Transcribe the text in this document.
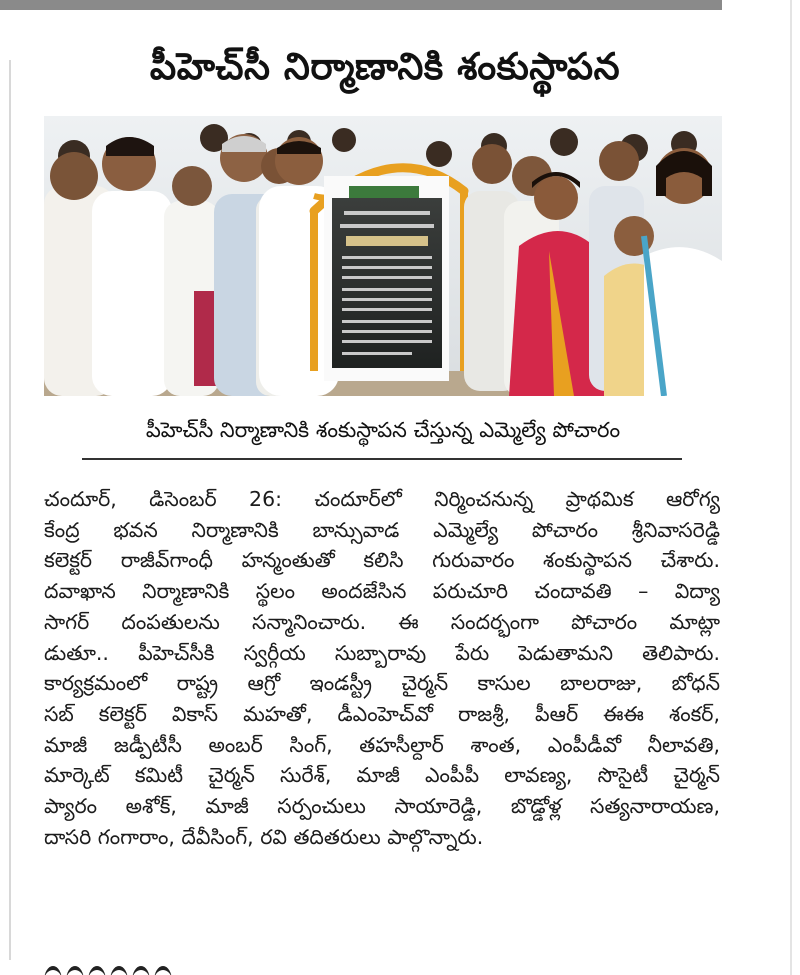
పీహెచ్‌సీ నిర్మాణానికి శంకుస్థాపన
పీహెచ్‌సీ నిర్మాణానికి శంకుస్థాపన చేస్తున్న ఎమ్మెల్యే పోచారం
చందూర్, డిసెంబర్ 26: చందూర్‌లో నిర్మించనున్న ప్రాథమిక ఆరోగ్య
కేంద్ర భవన నిర్మాణానికి బాన్సువాడ ఎమ్మెల్యే పోచారం శ్రీనివాసరెడ్డి
కలెక్టర్ రాజీవ్‌గాంధీ హన్మంతుతో కలిసి గురువారం శంకుస్థాపన చేశారు.
దవాఖాన నిర్మాణానికి స్థలం అందజేసిన పరుచూరి చందావతి – విద్యా
సాగర్ దంపతులను సన్మానించారు. ఈ సందర్భంగా పోచారం మాట్లా
డుతూ.. పీహెచ్‌సీకి స్వర్గీయ సుబ్బారావు పేరు పెడుతామని తెలిపారు.
కార్యక్రమంలో రాష్ట్ర ఆగ్రో ఇండస్ట్రీ చైర్మన్ కాసుల బాలరాజు, బోధన్
సబ్ కలెక్టర్ వికాస్ మహతో, డీఎంహెచ్‌వో రాజశ్రీ, పీఆర్ ఈఈ శంకర్,
మాజీ జడ్పీటీసీ అంబర్ సింగ్, తహసీల్దార్ శాంత, ఎంపీడీవో నీలావతి,
మార్కెట్ కమిటీ చైర్మన్ సురేశ్, మాజీ ఎంపీపీ లావణ్య, సొసైటీ చైర్మన్
ప్యారం అశోక్, మాజీ సర్పంచులు సాయారెడ్డి, బొడ్డోళ్ల సత్యనారాయణ,
దాసరి గంగారాం, దేవీసింగ్, రవి తదితరులు పాల్గొన్నారు.
